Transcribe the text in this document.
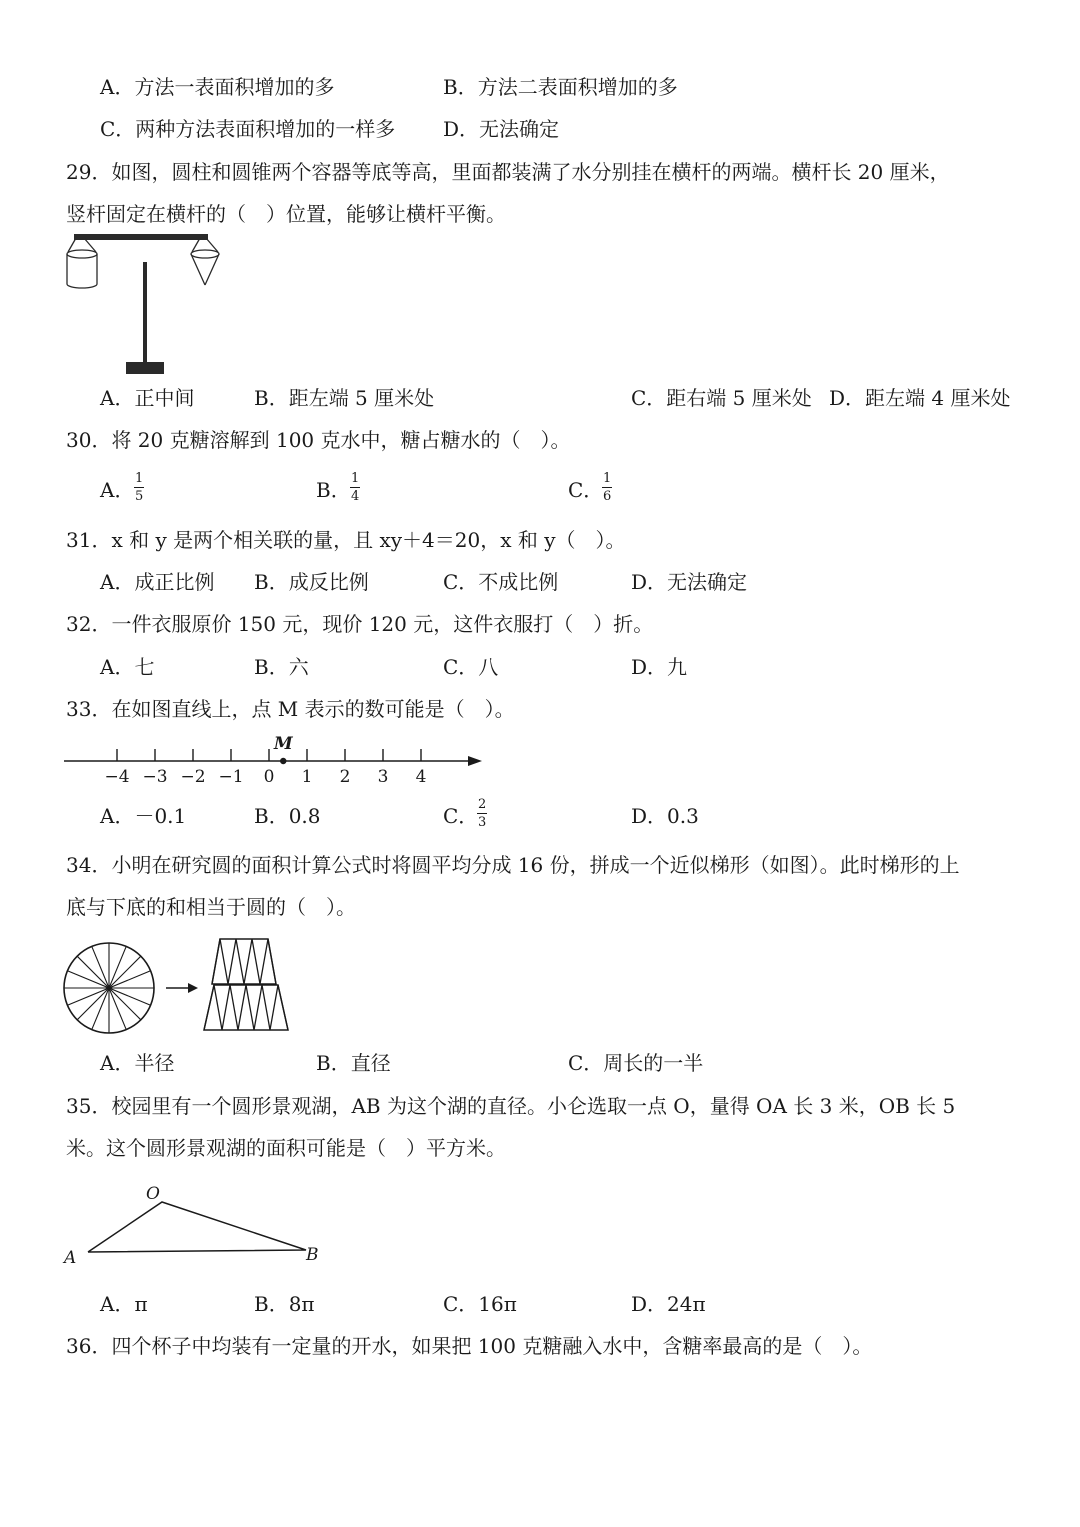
A．方法一表面积增加的多	B．方法二表面积增加的多
C．两种方法表面积增加的一样多 D．无法确定
29．如图，圆柱和圆锥两个容器等底等高，里面都装满了水分别挂在横杆的两端。横杆长 20 厘米，
竖杆固定在横杆的（　）位置，能够让横杆平衡。
A．正中间	B．距左端 5 厘米处	C．距右端 5 厘米处 D．距左端 4 厘米处
30．将 20 克糖溶解到 100 克水中，糖占糖水的（　）。
A． 1
5	B． 1
4	C． 1
6
31．x 和 y 是两个相关联的量，且 xy＋4＝20，x 和 y（　）。
A．成正比例 B．成反比例	C．不成比例	D．无法确定
32．一件衣服原价 150 元，现价 120 元，这件衣服打（　）折。
A．七	B．六	C．八	D．九
33．在如图直线上，点 M 表示的数可能是（　）。
−4 −3 −2 −1 0 1 2 3 4
M
A．－0.1	B．0.8	C． 2
3	D．0.3
34．小明在研究圆的面积计算公式时将圆平均分成 16 份，拼成一个近似梯形（如图）。此时梯形的上
底与下底的和相当于圆的（　）。
A．半径	B．直径	C．周长的一半
35．校园里有一个圆形景观湖，AB 为这个湖的直径。小仑选取一点 O，量得 OA 长 3 米，OB 长 5
米。这个圆形景观湖的面积可能是（　）平方米。
O
A	B
A．π	B．8π	C．16π	D．24π
36．四个杯子中均装有一定量的开水，如果把 100 克糖融入水中，含糖率最高的是（　）。
